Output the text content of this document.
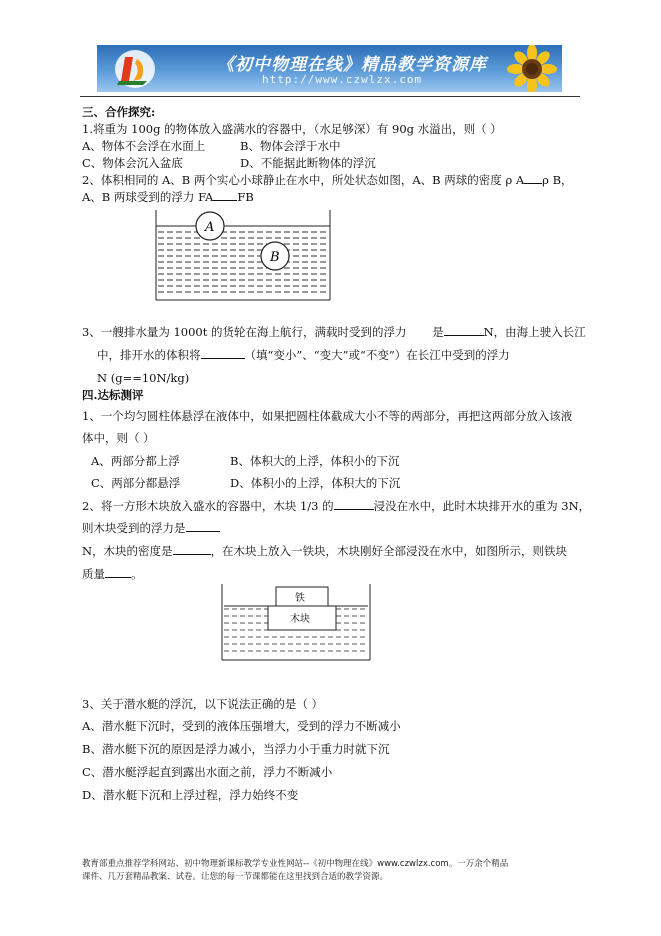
《初中物理在线》精品教学资源库
http://www.czwlzx.com
三、合作探究:
1.将重为 100g 的物体放入盛满水的容器中，（水足够深）有 90g 水溢出，则（ ）
A、物体不会浮在水面上	B、物体会浮于水中
C、物体会沉入盆底	D、不能据此断物体的浮沉
2、体积相同的 A、B 两个实心小球静止在水中，所处状态如图，A、B 两球的密度 ρ A ρ B，
A、B 两球受到的浮力 FA FB
A
B
3、一艘排水量为 1000t 的货轮在海上航行，满载时受到的浮力 是	N，由海上驶入长江
中，排开水的体积将	（填“变小”、“变大”或“不变”）在长江中受到的浮力
N (g==10N/kg)
四.达标测评
1、一个均匀圆柱体悬浮在液体中，如果把圆柱体截成大小不等的两部分，再把这两部分放入该液
体中，则（ ）
A、两部分都上浮	B、体积大的上浮，体积小的下沉
C、两部分都悬浮	D、体积小的上浮，体积大的下沉
2、将一方形木块放入盛水的容器中，木块 1/3 的	浸没在水中，此时木块排开水的重为 3N，
则木块受到的浮力是
N，木块的密度是	，在木块上放入一铁块，木块刚好全部浸没在水中，如图所示，则铁块
质量 。
铁
木块
3、关于潜水艇的浮沉，以下说法正确的是（ ）
A、潜水艇下沉时，受到的液体压强增大，受到的浮力不断减小
B、潜水艇下沉的原因是浮力减小，当浮力小于重力时就下沉
C、潜水艇浮起直到露出水面之前，浮力不断减小
D、潜水艇下沉和上浮过程，浮力始终不变
教育部重点推荐学科网站、初中物理新课标教学专业性网站--《初中物理在线》www.czwlzx.com。一万余个精品
课件、几万套精品教案、试卷。让您的每一节课都能在这里找到合适的教学资源。
